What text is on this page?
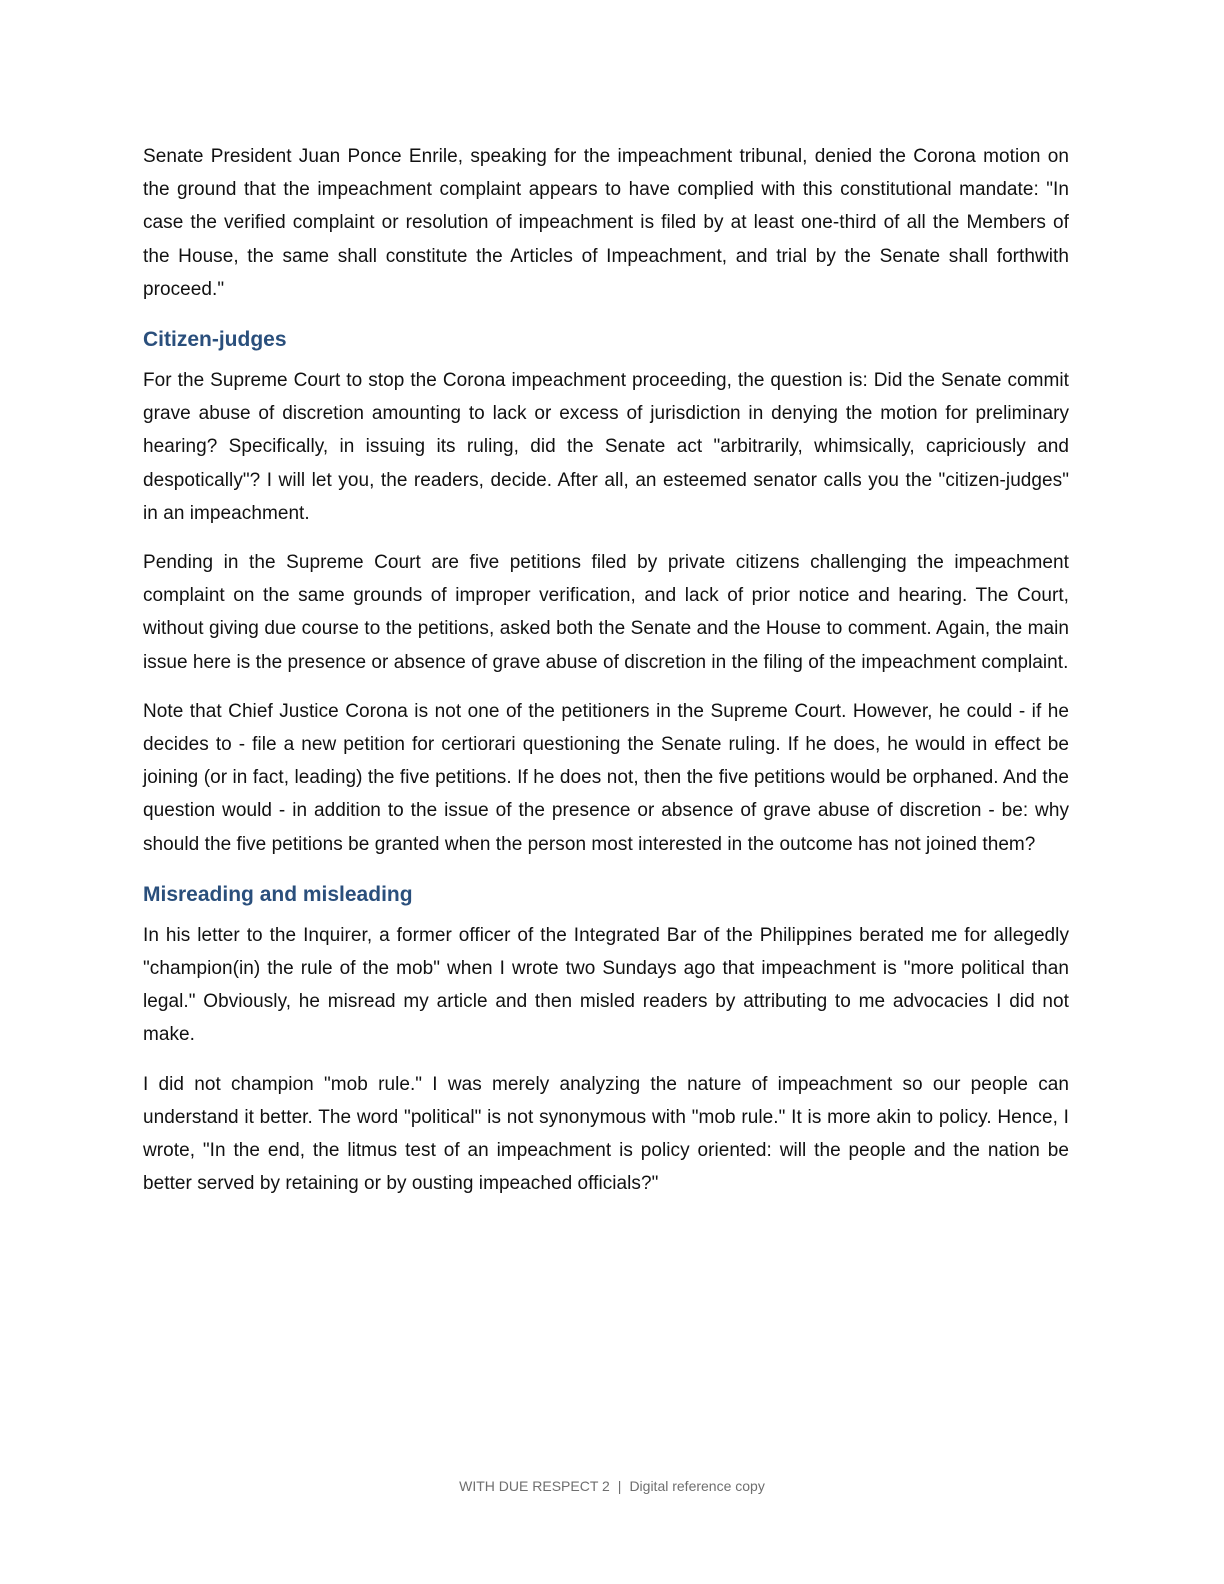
Senate President Juan Ponce Enrile, speaking for the impeachment tribunal, denied the Corona motion on the ground that the impeachment complaint appears to have complied with this constitutional mandate: "In case the verified complaint or resolution of impeachment is filed by at least one-third of all the Members of the House, the same shall constitute the Articles of Impeachment, and trial by the Senate shall forthwith proceed."

Citizen-judges

For the Supreme Court to stop the Corona impeachment proceeding, the question is: Did the Senate commit grave abuse of discretion amounting to lack or excess of jurisdiction in denying the motion for preliminary hearing? Specifically, in issuing its ruling, did the Senate act "arbitrarily, whimsically, capriciously and despotically"? I will let you, the readers, decide. After all, an esteemed senator calls you the "citizen-judges" in an impeachment.

Pending in the Supreme Court are five petitions filed by private citizens challenging the impeachment complaint on the same grounds of improper verification, and lack of prior notice and hearing. The Court, without giving due course to the petitions, asked both the Senate and the House to comment. Again, the main issue here is the presence or absence of grave abuse of discretion in the filing of the impeachment complaint.

Note that Chief Justice Corona is not one of the petitioners in the Supreme Court. However, he could - if he decides to - file a new petition for certiorari questioning the Senate ruling. If he does, he would in effect be joining (or in fact, leading) the five petitions. If he does not, then the five petitions would be orphaned. And the question would - in addition to the issue of the presence or absence of grave abuse of discretion - be: why should the five petitions be granted when the person most interested in the outcome has not joined them?

Misreading and misleading

In his letter to the Inquirer, a former officer of the Integrated Bar of the Philippines berated me for allegedly "champion(in) the rule of the mob" when I wrote two Sundays ago that impeachment is "more political than legal." Obviously, he misread my article and then misled readers by attributing to me advocacies I did not make.

I did not champion "mob rule." I was merely analyzing the nature of impeachment so our people can understand it better. The word "political" is not synonymous with "mob rule." It is more akin to policy. Hence, I wrote, "In the end, the litmus test of an impeachment is policy oriented: will the people and the nation be better served by retaining or by ousting impeached officials?"

WITH DUE RESPECT 2 | Digital reference copy
